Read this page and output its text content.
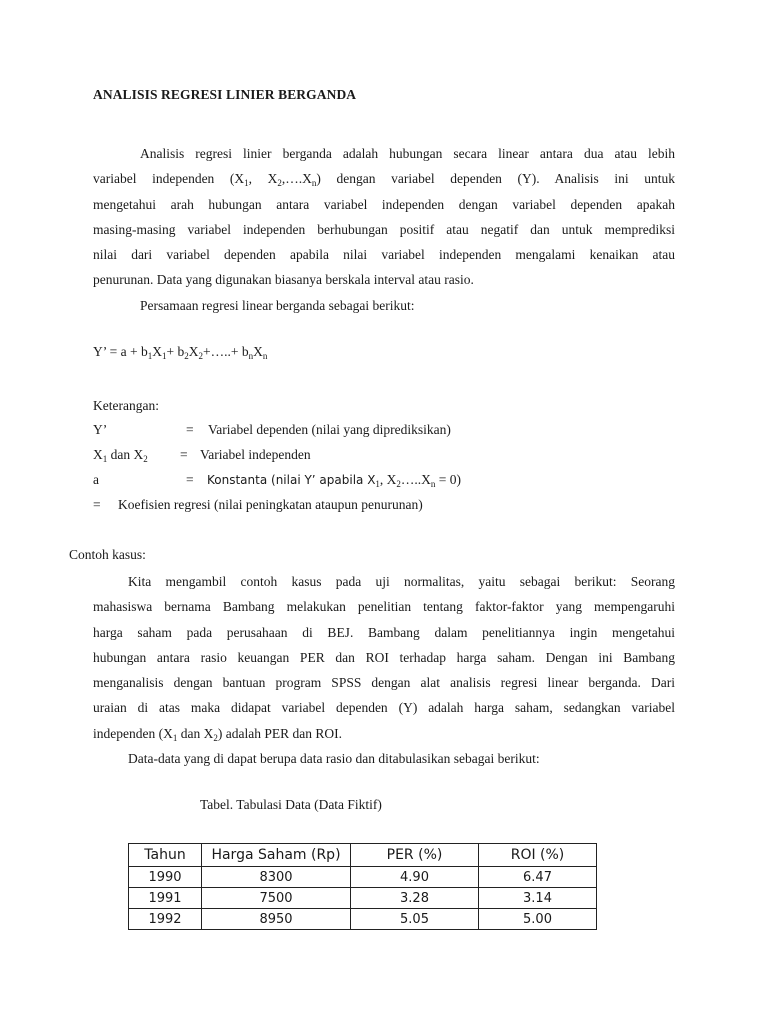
ANALISIS REGRESI LINIER BERGANDA
Analisis regresi linier berganda adalah hubungan secara linear antara dua atau lebih
variabel independen ($X_1$, $X_2,\dots.X_n$) dengan variabel dependen (Y). Analisis ini untuk
mengetahui arah hubungan antara variabel independen dengan variabel dependen apakah
masing-masing variabel independen berhubungan positif atau negatif dan untuk memprediksi
nilai dari variabel dependen apabila nilai variabel independen mengalami kenaikan atau
penurunan. Data yang digunakan biasanya berskala interval atau rasio.
Persamaan regresi linear berganda sebagai berikut:
Y’ = $a + b_1X_1+$ $b_2X_2+\dots..+ b_nX_n$
Keterangan:
Y’	= Variabel dependen (nilai yang diprediksikan)
$X_1$ dan $X_2$ = Variabel independen
a	= Konstanta (nilai Y’ apabila $X_1$, $X_2\dots..X_n = 0$)
= Koefisien regresi (nilai peningkatan ataupun penurunan)
Contoh kasus:
Kita mengambil contoh kasus pada uji normalitas, yaitu sebagai berikut: Seorang
mahasiswa bernama Bambang melakukan penelitian tentang faktor-faktor yang mempengaruhi
harga saham pada perusahaan di BEJ. Bambang dalam penelitiannya ingin mengetahui
hubungan antara rasio keuangan PER dan ROI terhadap harga saham. Dengan ini Bambang
menganalisis dengan bantuan program SPSS dengan alat analisis regresi linear berganda. Dari
uraian di atas maka didapat variabel dependen (Y) adalah harga saham, sedangkan variabel
independen ($X_1$ dan $X_2$) adalah PER dan ROI.
Data-data yang di dapat berupa data rasio dan ditabulasikan sebagai berikut:
Tabel. Tabulasi Data (Data Fiktif)
Tahun	Harga Saham (Rp)	PER (%)	ROI (%)
1990	8300	4.90	6.47
1991	7500	3.28	3.14
1992	8950	5.05	5.00
